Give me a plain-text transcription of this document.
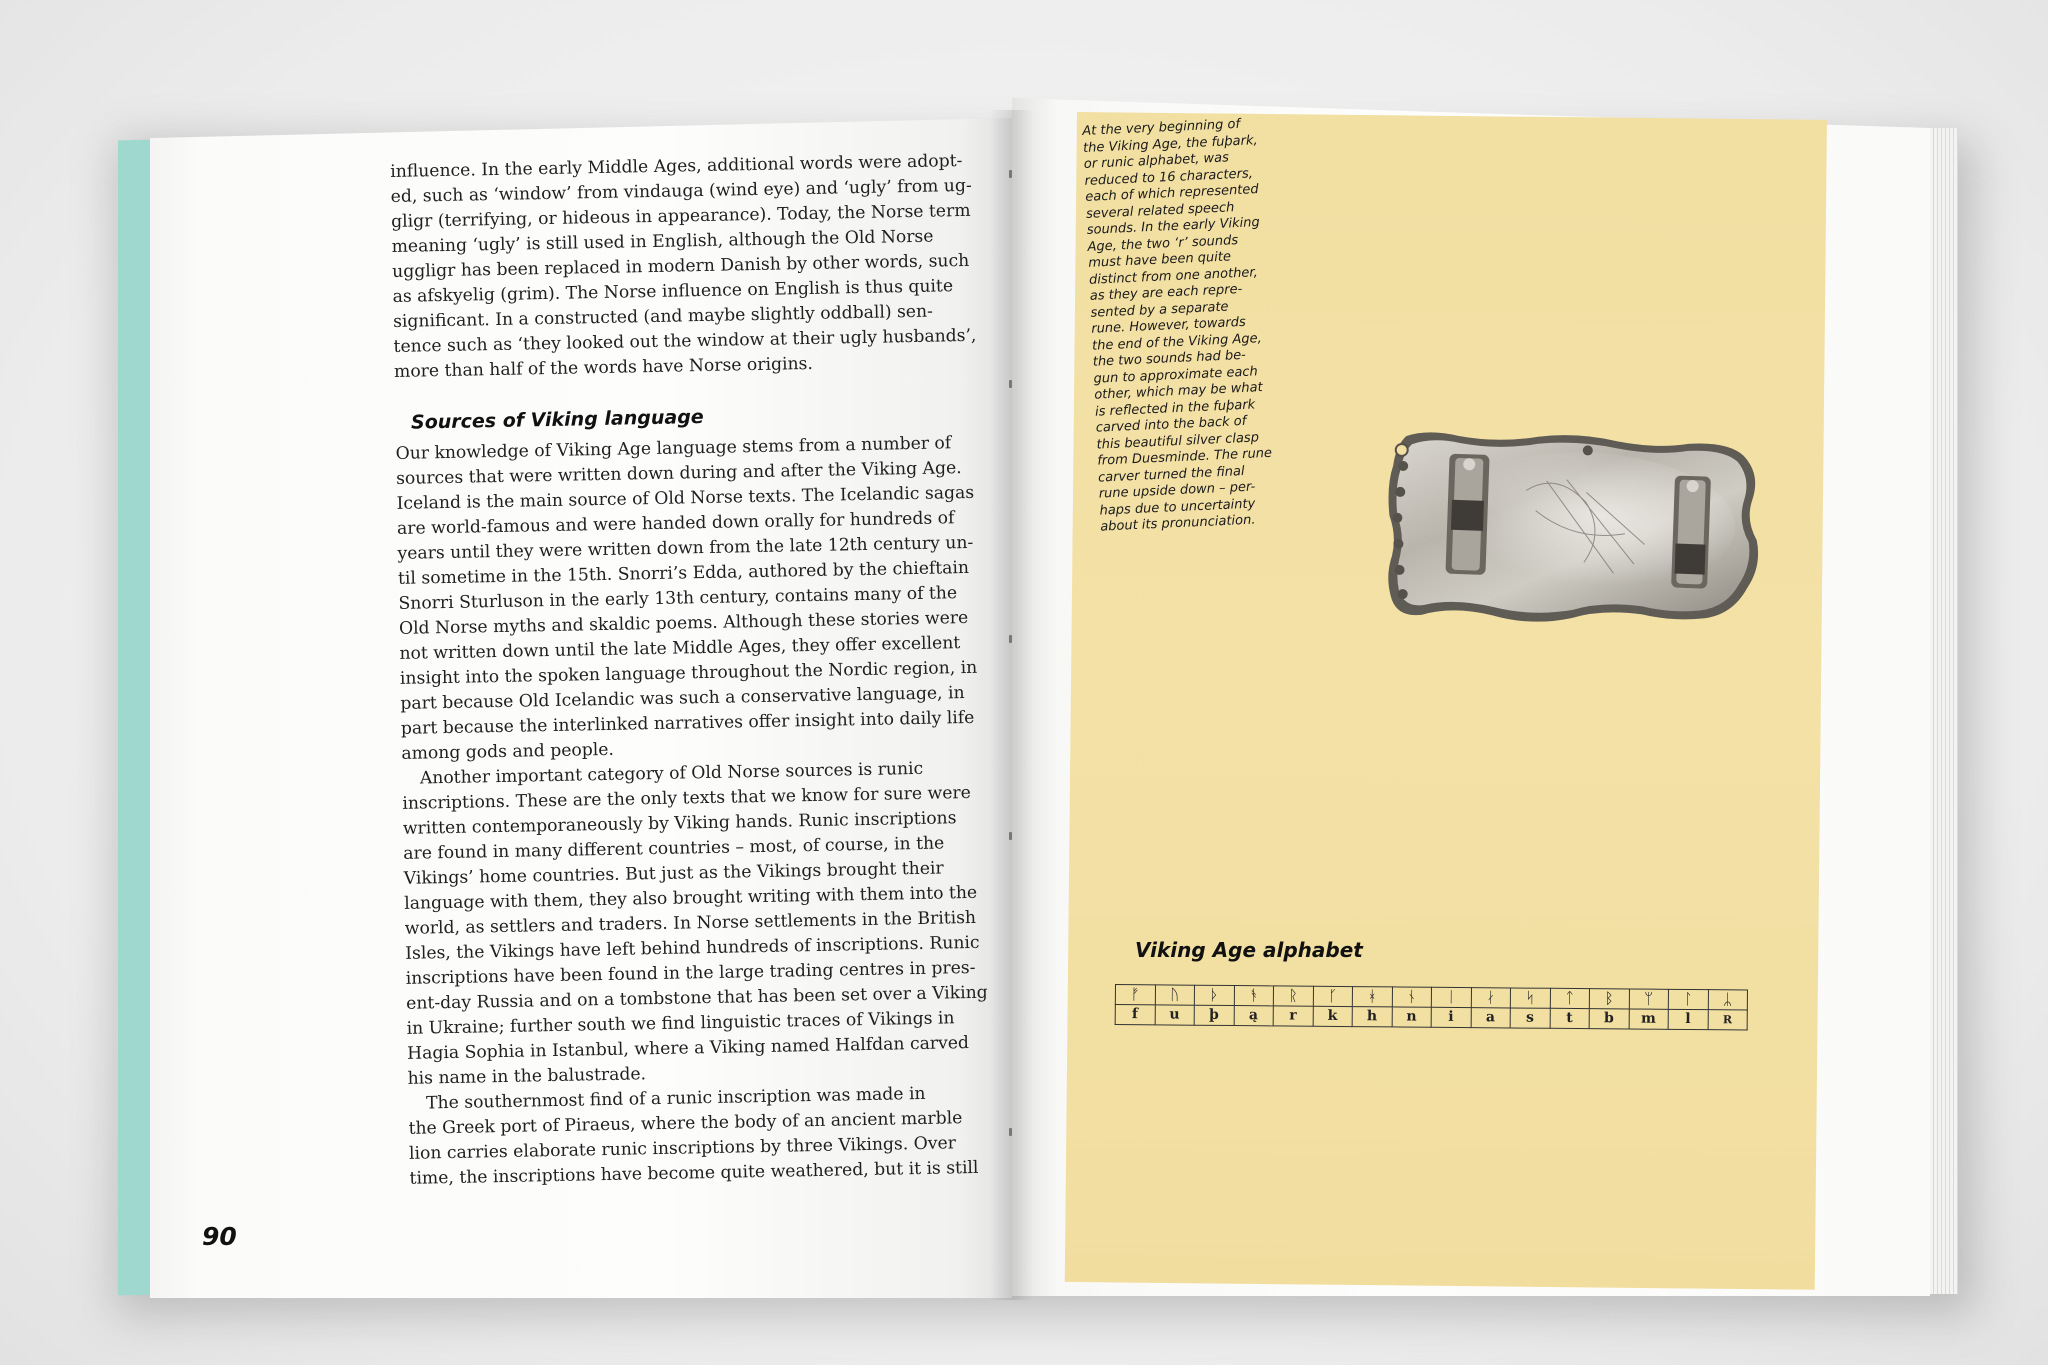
influence. In the early Middle Ages, additional words were adopt-
ed, such as ‘window’ from vindauga (wind eye) and ‘ugly’ from ug-
gligr (terrifying, or hideous in appearance). Today, the Norse term
meaning ‘ugly’ is still used in English, although the Old Norse
uggligr has been replaced in modern Danish by other words, such
as afskyelig (grim). The Norse influence on English is thus quite
significant. In a constructed (and maybe slightly oddball) sen-
tence such as ‘they looked out the window at their ugly husbands’,
more than half of the words have Norse origins.
Sources of Viking language
Our knowledge of Viking Age language stems from a number of
sources that were written down during and after the Viking Age.
Iceland is the main source of Old Norse texts. The Icelandic sagas
are world-famous and were handed down orally for hundreds of
years until they were written down from the late 12th century un-
til sometime in the 15th. Snorri’s Edda, authored by the chieftain
Snorri Sturluson in the early 13th century, contains many of the
Old Norse myths and skaldic poems. Although these stories were
not written down until the late Middle Ages, they offer excellent
insight into the spoken language throughout the Nordic region, in
part because Old Icelandic was such a conservative language, in
part because the interlinked narratives offer insight into daily life
among gods and people.
Another important category of Old Norse sources is runic
inscriptions. These are the only texts that we know for sure were
written contemporaneously by Viking hands. Runic inscriptions
are found in many different countries – most, of course, in the
Vikings’ home countries. But just as the Vikings brought their
language with them, they also brought writing with them into the
world, as settlers and traders. In Norse settlements in the British
Isles, the Vikings have left behind hundreds of inscriptions. Runic
inscriptions have been found in the large trading centres in pres-
ent-day Russia and on a tombstone that has been set over a Viking
in Ukraine; further south we find linguistic traces of Vikings in
Hagia Sophia in Istanbul, where a Viking named Halfdan carved
his name in the balustrade.
The southernmost find of a runic inscription was made in
the Greek port of Piraeus, where the body of an ancient marble
lion carries elaborate runic inscriptions by three Vikings. Over
time, the inscriptions have become quite weathered, but it is still
90
At the very beginning of
the Viking Age, the fuþark,
or runic alphabet, was
reduced to 16 characters,
each of which represented
several related speech
sounds. In the early Viking
Age, the two ‘r’ sounds
must have been quite
distinct from one another,
as they are each repre-
sented by a separate
rune. However, towards
the end of the Viking Age,
the two sounds had be-
gun to approximate each
other, which may be what
is reflected in the fuþark
carved into the back of
this beautiful silver clasp
from Duesminde. The rune
carver turned the final
rune upside down – per-
haps due to uncertainty
about its pronunciation.
Viking Age alphabet
ᚠ	ᚢ	ᚦ	ᚬ	ᚱ	ᚴ	ᚼ	ᚾ	ᛁ	ᛅ	ᛋ	ᛏ	ᛒ	ᛘ	ᛚ	ᛦ
f	u	þ	ą	r	k	h	n	i	a	s	t	b	m	l	R
